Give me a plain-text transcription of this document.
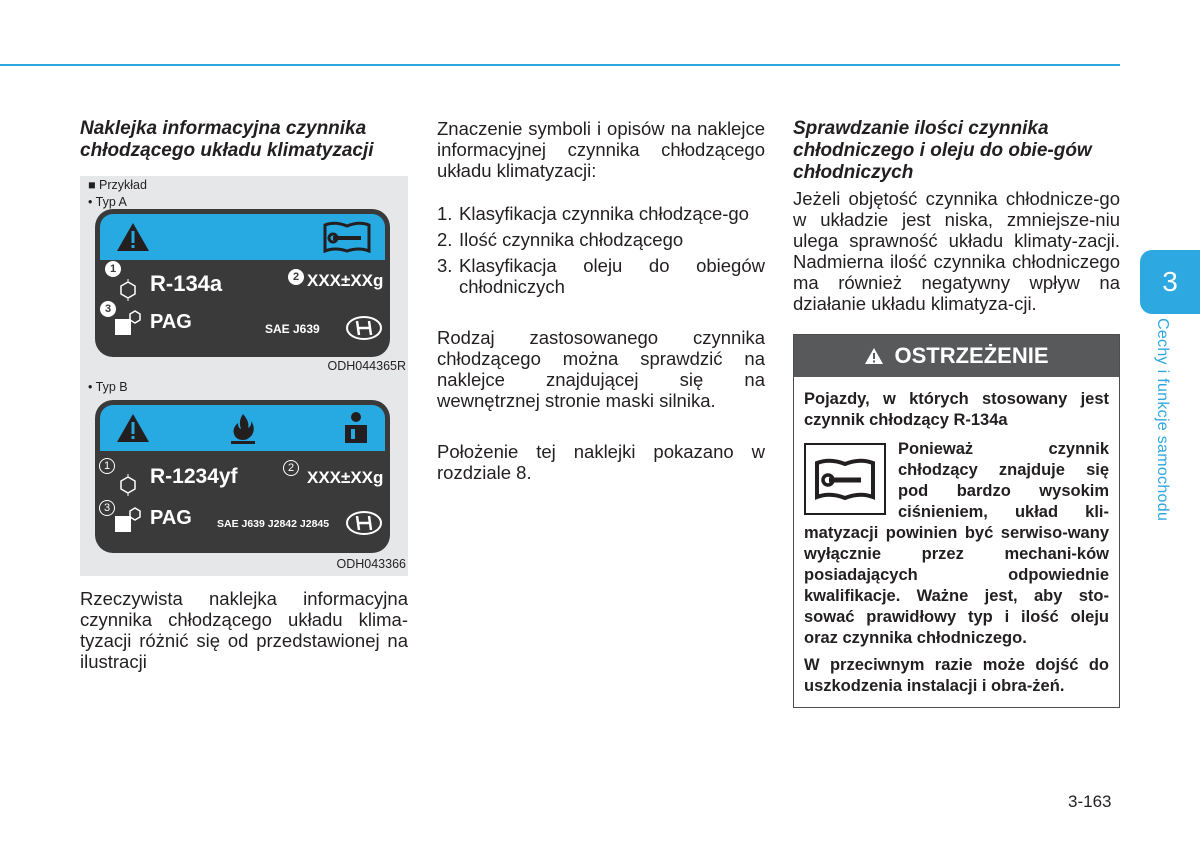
Naklejka informacyjna czynnika chłodzącego układu klimatyzacji
■ Przykład
• Typ A
1
R-134a	2 XXX±XXg
3
PAG	SAE J639
ODH044365R
• Typ B
1 R-1234yf	2 XXX±XXg
3 PAG SAE J639 J2842 J2845
ODH043366

Rzeczywista naklejka informacyjna czynnika chłodzącego układu klima-tyzacji różnić się od przedstawionej na ilustracji

Znaczenie symboli i opisów na naklejce informacyjnej czynnika chłodzącego układu klimatyzacji:

1. Klasyfikacja czynnika chłodzące-go
2. Ilość czynnika chłodzącego
3. Klasyfikacja oleju do obiegów chłodniczych

Rodzaj zastosowanego czynnika chłodzącego można sprawdzić na naklejce znajdującej się na wewnętrznej stronie maski silnika.

Położenie tej naklejki pokazano w rozdziale 8.

Sprawdzanie ilości czynnika chłodniczego i oleju do obie-gów chłodniczych

Jeżeli objętość czynnika chłodnicze-go w układzie jest niska, zmniejsze-niu ulega sprawność układu klimaty-zacji. Nadmierna ilość czynnika chłodniczego ma również negatywny wpływ na działanie układu klimatyza-cji.

OSTRZEŻENIE

Pojazdy, w których stosowany jest czynnik chłodzący R-134a

Ponieważ czynnik chłodzący znajduje się pod bardzo wysokim ciśnieniem, układ kli-matyzacji powinien być serwiso-wany wyłącznie przez mechani-ków posiadających odpowiednie kwalifikacje. Ważne jest, aby sto-sować prawidłowy typ i ilość oleju oraz czynnika chłodniczego.

W przeciwnym razie może dojść do uszkodzenia instalacji i obra-żeń.

3
Cechy i funkcje samochodu
3-163
